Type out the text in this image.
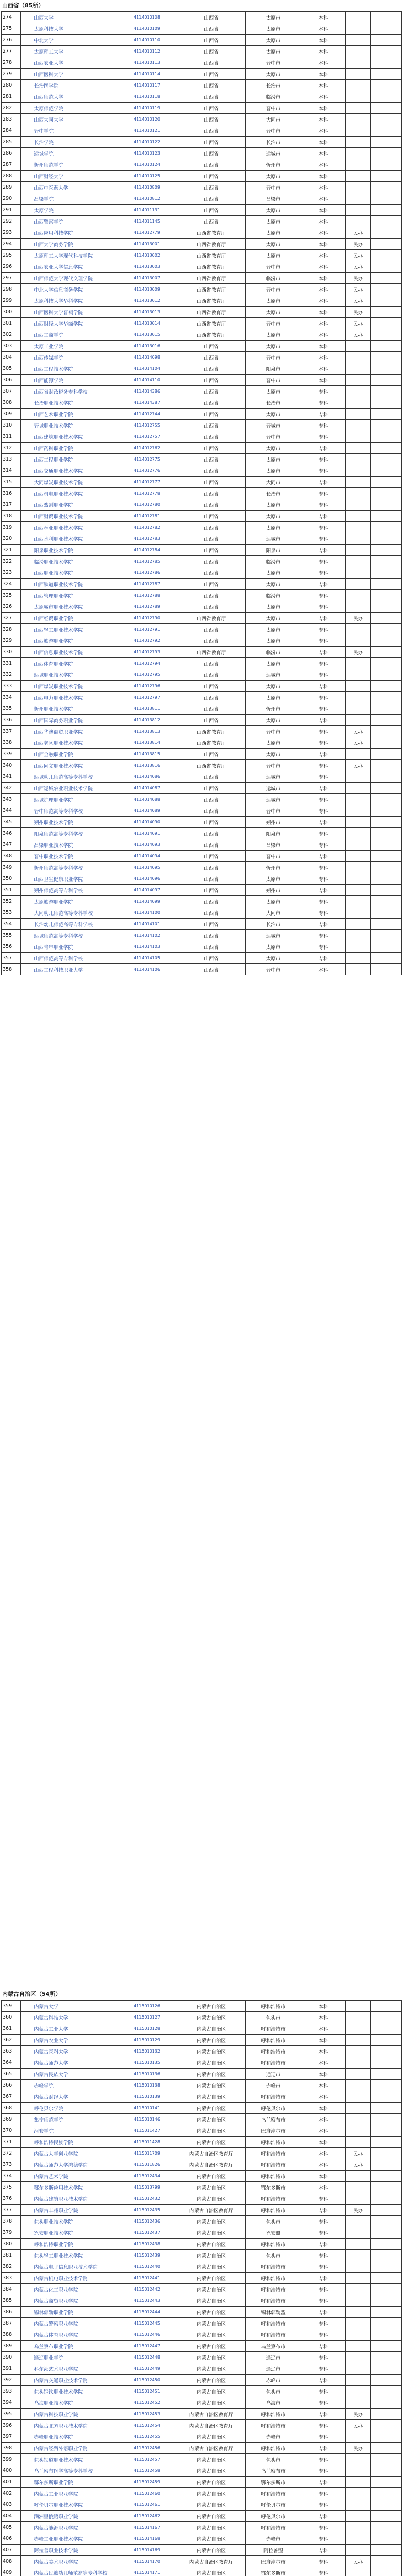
山西省（85所）
274	山西大学	4114010108	山西省	太原市	本科		
275	太原科技大学	4114010109	山西省	太原市	本科		
276	中北大学	4114010110	山西省	太原市	本科		
277	太原理工大学	4114010112	山西省	太原市	本科		
278	山西农业大学	4114010113	山西省	晋中市	本科		
279	山西医科大学	4114010114	山西省	太原市	本科		
280	长治医学院	4114010117	山西省	长治市	本科		
281	山西师范大学	4114010118	山西省	临汾市	本科		
282	太原师范学院	4114010119	山西省	晋中市	本科		
283	山西大同大学	4114010120	山西省	大同市	本科		
284	晋中学院	4114010121	山西省	晋中市	本科		
285	长治学院	4114010122	山西省	长治市	本科		
286	运城学院	4114010123	山西省	运城市	本科		
287	忻州师范学院	4114010124	山西省	忻州市	本科		
288	山西财经大学	4114010125	山西省	太原市	本科		
289	山西中医药大学	4114010809	山西省	晋中市	本科		
290	吕梁学院	4114010812	山西省	吕梁市	本科		
291	太原学院	4114011131	山西省	太原市	本科		
292	山西警察学院	4114011145	山西省	太原市	本科		
293	山西应用科技学院	4114012779	山西省教育厅	太原市	本科	民办	
294	山西大学商务学院	4114013001	山西省教育厅	太原市	本科	民办	
295	太原理工大学现代科技学院	4114013002	山西省教育厅	太原市	本科	民办	
296	山西农业大学信息学院	4114013003	山西省教育厅	晋中市	本科	民办	
297	山西师范大学现代文理学院	4114013007	山西省教育厅	临汾市	本科	民办	
298	中北大学信息商务学院	4114013009	山西省教育厅	晋中市	本科	民办	
299	太原科技大学华科学院	4114013012	山西省教育厅	太原市	本科	民办	
300	山西医科大学晋祠学院	4114013013	山西省教育厅	太原市	本科	民办	
301	山西财经大学华商学院	4114013014	山西省教育厅	晋中市	本科	民办	
302	山西工商学院	4114013015	山西省教育厅	太原市	本科	民办	
303	太原工业学院	4114013016	山西省	太原市	本科		
304	山西传媒学院	4114014098	山西省	晋中市	本科		
305	山西工程技术学院	4114014104	山西省	阳泉市	本科		
306	山西能源学院	4114014110	山西省	晋中市	本科		
307	山西省财政税务专科学校	4114014386	山西省	太原市	专科		
308	长治职业技术学院	4114014387	山西省	长治市	专科		
309	山西艺术职业学院	4114012744	山西省	太原市	专科		
310	晋城职业技术学院	4114012755	山西省	晋城市	专科		
311	山西建筑职业技术学院	4114012757	山西省	晋中市	专科		
312	山西药科职业学院	4114012762	山西省	太原市	专科		
313	山西工程职业学院	4114012775	山西省	太原市	专科		
314	山西交通职业技术学院	4114012776	山西省	太原市	专科		
315	大同煤炭职业技术学院	4114012777	山西省	大同市	专科		
316	山西机电职业技术学院	4114012778	山西省	长治市	专科		
317	山西戏剧职业学院	4114012780	山西省	太原市	专科		
318	山西财贸职业技术学院	4114012781	山西省	太原市	专科		
319	山西林业职业技术学院	4114012782	山西省	太原市	专科		
320	山西水利职业技术学院	4114012783	山西省	运城市	专科		
321	阳泉职业技术学院	4114012784	山西省	阳泉市	专科		
322	临汾职业技术学院	4114012785	山西省	临汾市	专科		
323	山西职业技术学院	4114012786	山西省	太原市	专科		
324	山西铁道职业技术学院	4114012787	山西省	太原市	专科		
325	山西管理职业学院	4114012788	山西省	临汾市	专科		
326	太原城市职业技术学院	4114012789	山西省	太原市	专科		
327	山西经贸职业学院	4114012790	山西省教育厅	太原市	专科	民办	
328	山西轻工职业技术学院	4114012791	山西省	太原市	专科		
329	山西旅游职业学院	4114012792	山西省	太原市	专科		
330	山西信息职业技术学院	4114012793	山西省教育厅	临汾市	专科	民办	
331	山西体育职业学院	4114012794	山西省	太原市	专科		
332	运城职业技术学院	4114012795	山西省	运城市	专科		
333	山西煤炭职业技术学院	4114012796	山西省	太原市	专科		
334	山西电力职业技术学院	4114012797	山西省	太原市	专科		
335	忻州职业技术学院	4114013811	山西省	忻州市	专科		
336	山西国际商务职业学院	4114013812	山西省	太原市	专科		
337	山西华澳商贸职业学院	4114013813	山西省教育厅	晋中市	专科	民办	
338	山西老区职业技术学院	4114013814	山西省教育厅	太原市	专科	民办	
339	山西金融职业学院	4114013815	山西省	太原市	专科		
340	山西同文职业技术学院	4114013816	山西省教育厅	晋中市	专科	民办	
341	运城幼儿师范高等专科学校	4114014086	山西省	运城市	专科		
342	山西运城农业职业技术学院	4114014087	山西省	运城市	专科		
343	运城护理职业学院	4114014088	山西省	运城市	专科		
344	晋中师范高等专科学校	4114014089	山西省	晋中市	专科		
345	朔州职业技术学院	4114014090	山西省	朔州市	专科		
346	阳泉师范高等专科学校	4114014091	山西省	阳泉市	专科		
347	吕梁职业技术学院	4114014093	山西省	吕梁市	专科		
348	晋中职业技术学院	4114014094	山西省	晋中市	专科		
349	忻州师范高等专科学校	4114014095	山西省	忻州市	专科		
350	山西卫生健康职业学院	4114014096	山西省	太原市	专科		
351	朔州师范高等专科学校	4114014097	山西省	朔州市	专科		
352	太原旅游职业学院	4114014099	山西省	太原市	专科		
353	大同幼儿师范高等专科学校	4114014100	山西省	大同市	专科		
354	长治幼儿师范高等专科学校	4114014101	山西省	长治市	专科		
355	运城师范高等专科学校	4114014102	山西省	运城市	专科		
356	山西青年职业学院	4114014103	山西省	太原市	专科		
357	山西师范高等专科学校	4114014105	山西省	太原市	专科		
358	山西工程科技职业大学	4114014106	山西省	晋中市	本科		
内蒙古自治区（54所）
359	内蒙古大学	4115010126	内蒙古自治区	呼和浩特市	本科		
360	内蒙古科技大学	4115010127	内蒙古自治区	包头市	本科		
361	内蒙古工业大学	4115010128	内蒙古自治区	呼和浩特市	本科		
362	内蒙古农业大学	4115010129	内蒙古自治区	呼和浩特市	本科		
363	内蒙古医科大学	4115010132	内蒙古自治区	呼和浩特市	本科		
364	内蒙古师范大学	4115010135	内蒙古自治区	呼和浩特市	本科		
365	内蒙古民族大学	4115010136	内蒙古自治区	通辽市	本科		
366	赤峰学院	4115010138	内蒙古自治区	赤峰市	本科		
367	内蒙古财经大学	4115010139	内蒙古自治区	呼和浩特市	本科		
368	呼伦贝尔学院	4115010141	内蒙古自治区	呼伦贝尔市	本科		
369	集宁师范学院	4115010146	内蒙古自治区	乌兰察布市	本科		
370	河套学院	4115011427	内蒙古自治区	巴彦淖尔市	本科		
371	呼和浩特民族学院	4115011428	内蒙古自治区	呼和浩特市	本科		
372	内蒙古大学创业学院	4115011709	内蒙古自治区教育厅	呼和浩特市	本科	民办	
373	内蒙古师范大学鸿德学院	4115011826	内蒙古自治区教育厅	呼和浩特市	本科	民办	
374	内蒙古艺术学院	4115012434	内蒙古自治区	呼和浩特市	本科		
375	鄂尔多斯应用技术学院	4115013799	内蒙古自治区	鄂尔多斯市	本科		
376	内蒙古建筑职业技术学院	4115012432	内蒙古自治区	呼和浩特市	专科		
377	内蒙古丰州职业学院	4115012435	内蒙古自治区教育厅	呼和浩特市	专科	民办	
378	包头职业技术学院	4115012436	内蒙古自治区	包头市	专科		
379	兴安职业技术学院	4115012437	内蒙古自治区	兴安盟	专科		
380	呼和浩特职业学院	4115012438	内蒙古自治区	呼和浩特市	专科		
381	包头轻工职业技术学院	4115012439	内蒙古自治区	包头市	专科		
382	内蒙古电子信息职业技术学院	4115012440	内蒙古自治区	呼和浩特市	专科		
383	内蒙古机电职业技术学院	4115012441	内蒙古自治区	呼和浩特市	专科		
384	内蒙古化工职业学院	4115012442	内蒙古自治区	呼和浩特市	专科		
385	内蒙古商贸职业学院	4115012443	内蒙古自治区	呼和浩特市	专科		
386	锡林郭勒职业学院	4115012444	内蒙古自治区	锡林郭勒盟	专科		
387	内蒙古警察职业学院	4115012445	内蒙古自治区	呼和浩特市	专科		
388	内蒙古体育职业学院	4115012446	内蒙古自治区	呼和浩特市	专科		
389	乌兰察布职业学院	4115012447	内蒙古自治区	乌兰察布市	专科		
390	通辽职业学院	4115012448	内蒙古自治区	通辽市	专科		
391	科尔沁艺术职业学院	4115012449	内蒙古自治区	通辽市	专科		
392	内蒙古交通职业技术学院	4115012450	内蒙古自治区	赤峰市	专科		
393	包头钢铁职业技术学院	4115012451	内蒙古自治区	包头市	专科		
394	乌海职业技术学院	4115012452	内蒙古自治区	乌海市	专科		
395	内蒙古科技职业学院	4115012453	内蒙古自治区教育厅	呼和浩特市	专科	民办	
396	内蒙古北方职业技术学院	4115012454	内蒙古自治区教育厅	呼和浩特市	专科	民办	
397	赤峰职业技术学院	4115012455	内蒙古自治区	赤峰市	专科		
398	内蒙古经贸外语职业学院	4115012456	内蒙古自治区教育厅	呼和浩特市	专科	民办	
399	包头铁道职业技术学院	4115012457	内蒙古自治区	包头市	专科		
400	乌兰察布医学高等专科学校	4115012458	内蒙古自治区	乌兰察布市	专科		
401	鄂尔多斯职业学院	4115012459	内蒙古自治区	鄂尔多斯市	专科		
402	内蒙古工业职业学院	4115012460	内蒙古自治区	呼和浩特市	专科		
403	呼伦贝尔职业技术学院	4115012461	内蒙古自治区	呼伦贝尔市	专科		
404	满洲里俄语职业学院	4115012462	内蒙古自治区	呼伦贝尔市	专科		
405	内蒙古能源职业学院	4115014167	内蒙古自治区	呼和浩特市	专科		
406	赤峰工业职业技术学院	4115014168	内蒙古自治区	赤峰市	专科		
407	阿拉善职业技术学院	4115014169	内蒙古自治区	阿拉善盟	专科		
408	内蒙古美术职业学院	4115014170	内蒙古自治区教育厅	巴彦淖尔市	专科	民办	
409	内蒙古民族幼儿师范高等专科学校	4115014171	内蒙古自治区	鄂尔多斯市	专科		
